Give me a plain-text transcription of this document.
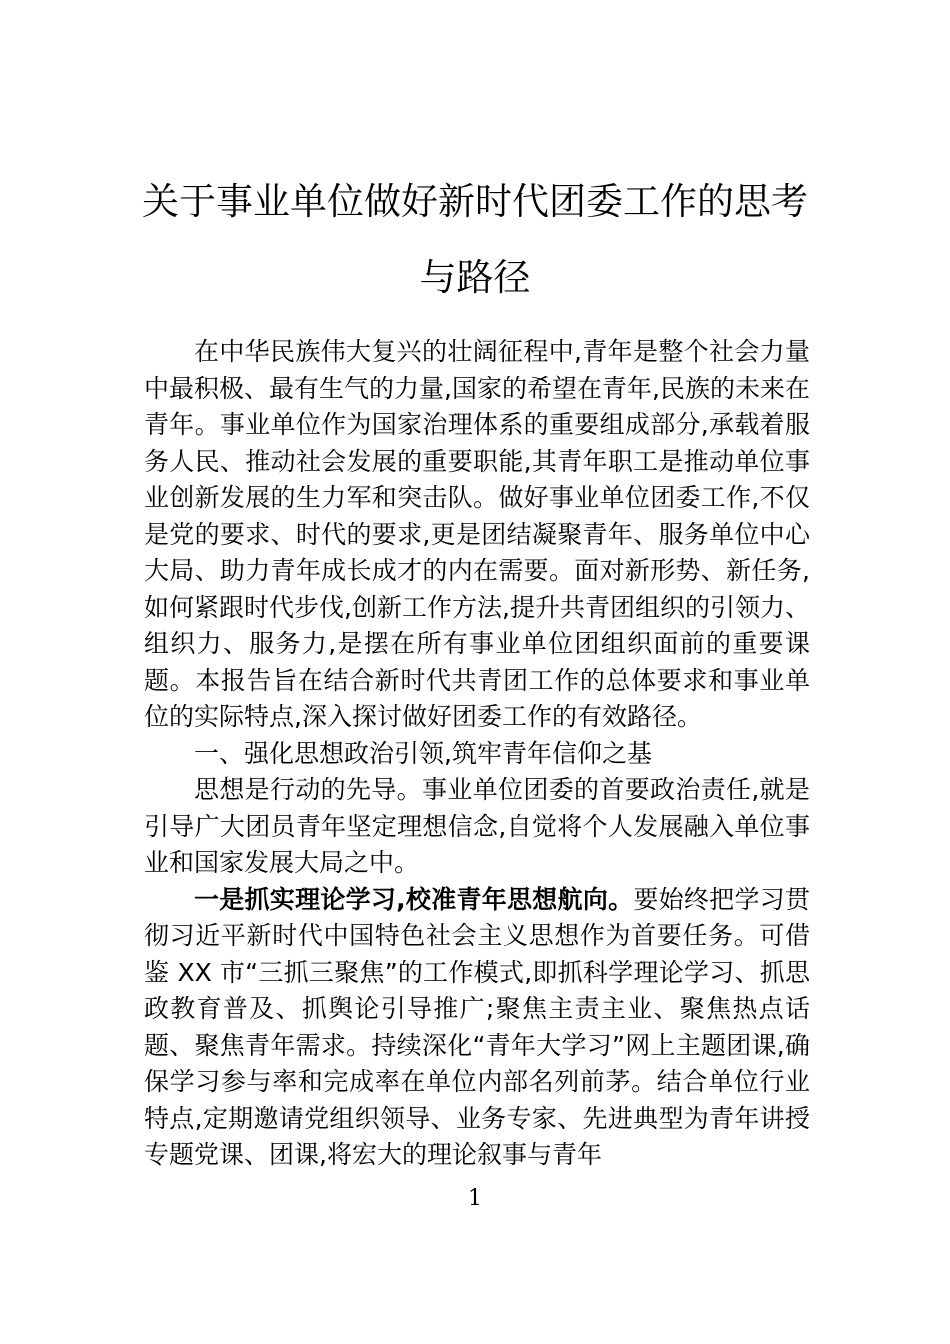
关于事业单位做好新时代团委工作的思考
与路径

在中华民族伟大复兴的壮阔征程中,青年是整个社会力量中最积极、最有生气的力量,国家的希望在青年,民族的未来在青年。事业单位作为国家治理体系的重要组成部分,承载着服务人民、推动社会发展的重要职能,其青年职工是推动单位事业创新发展的生力军和突击队。做好事业单位团委工作,不仅是党的要求、时代的要求,更是团结凝聚青年、服务单位中心大局、助力青年成长成才的内在需要。面对新形势、新任务,如何紧跟时代步伐,创新工作方法,提升共青团组织的引领力、组织力、服务力,是摆在所有事业单位团组织面前的重要课题。本报告旨在结合新时代共青团工作的总体要求和事业单位的实际特点,深入探讨做好团委工作的有效路径。

一、强化思想政治引领,筑牢青年信仰之基

思想是行动的先导。事业单位团委的首要政治责任,就是引导广大团员青年坚定理想信念,自觉将个人发展融入单位事业和国家发展大局之中。

一是抓实理论学习,校准青年思想航向。要始终把学习贯彻习近平新时代中国特色社会主义思想作为首要任务。可借鉴 XX 市“三抓三聚焦”的工作模式,即抓科学理论学习、抓思政教育普及、抓舆论引导推广;聚焦主责主业、聚焦热点话题、聚焦青年需求。持续深化“青年大学习”网上主题团课,确保学习参与率和完成率在单位内部名列前茅。结合单位行业特点,定期邀请党组织领导、业务专家、先进典型为青年讲授专题党课、团课,将宏大的理论叙事与青年

1
